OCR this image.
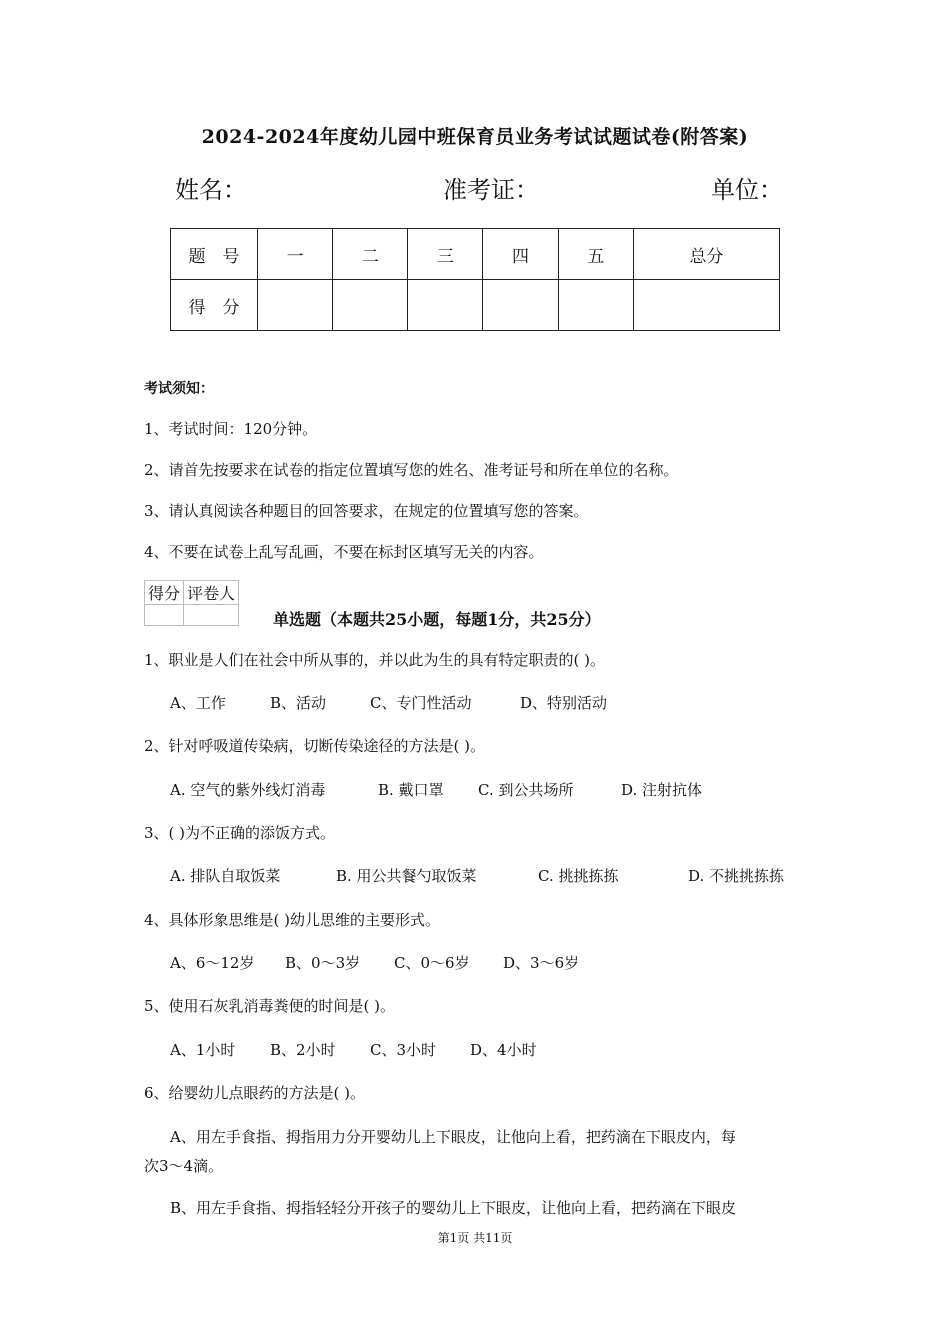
2024-2024年度幼儿园中班保育员业务考试试题试卷(附答案)
姓名：	准考证：	单位：
题　号	一	二	三	四	五	总分
得　分						
考试须知：
1、考试时间：120分钟。
2、请首先按要求在试卷的指定位置填写您的姓名、准考证号和所在单位的名称。
3、请认真阅读各种题目的回答要求，在规定的位置填写您的答案。
4、不要在试卷上乱写乱画，不要在标封区填写无关的内容。
得分	评卷人

单选题（本题共25小题，每题1分，共25分）
1、职业是人们在社会中所从事的，并以此为生的具有特定职责的( )。
A、工作	B、活动	C、专门性活动	D、特别活动
2、针对呼吸道传染病，切断传染途径的方法是( )。
A. 空气的紫外线灯消毒	B. 戴口罩 C. 到公共场所	D. 注射抗体
3、( )为不正确的添饭方式。
A. 排队自取饭菜	B. 用公共餐勺取饭菜	C. 挑挑拣拣	D. 不挑挑拣拣
4、具体形象思维是( )幼儿思维的主要形式。
A、6～12岁 B、0～3岁 C、0～6岁 D、3～6岁
5、使用石灰乳消毒粪便的时间是( )。
A、1小时 B、2小时 C、3小时 D、4小时
6、给婴幼儿点眼药的方法是( )。
A、用左手食指、拇指用力分开婴幼儿上下眼皮，让他向上看，把药滴在下眼皮内，每
次3～4滴。
B、用左手食指、拇指轻轻分开孩子的婴幼儿上下眼皮，让他向上看，把药滴在下眼皮
第1页 共11页
